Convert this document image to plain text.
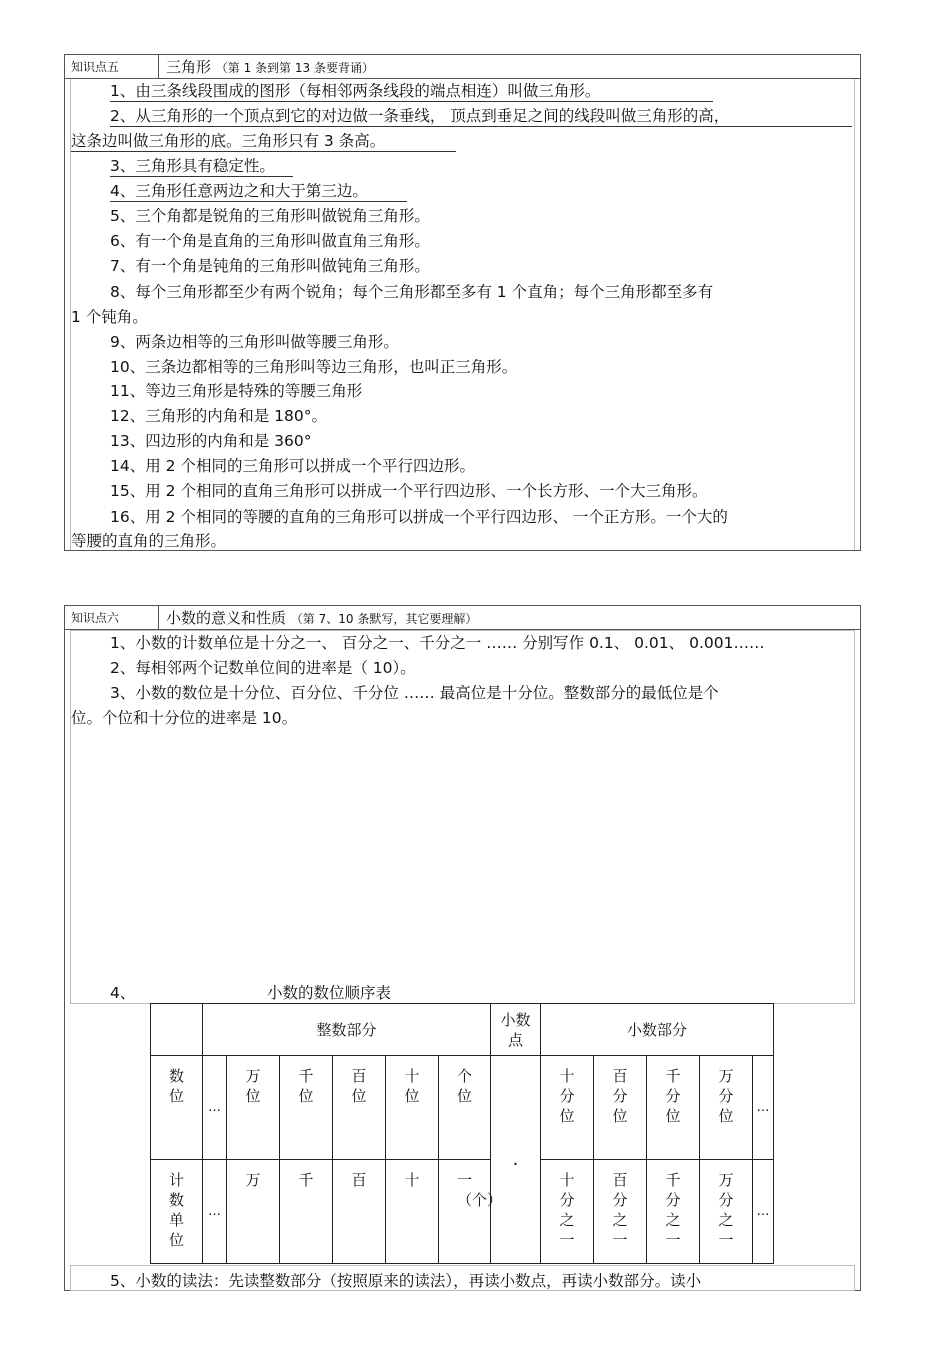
知识点五	三角形 （第 1 条到第 13 条要背诵）
1、由三条线段围成的图形（每相邻两条线段的端点相连）叫做三角形。
2、从三角形的一个顶点到它的对边做一条垂线， 顶点到垂足之间的线段叫做三角形的高，
这条边叫做三角形的底。三角形只有 3 条高。
3、三角形具有稳定性。
4、三角形任意两边之和大于第三边。
5、三个角都是锐角的三角形叫做锐角三角形。
6、有一个角是直角的三角形叫做直角三角形。
7、有一个角是钝角的三角形叫做钝角三角形。
8、每个三角形都至少有两个锐角；每个三角形都至多有 1 个直角；每个三角形都至多有
1 个钝角。
9、两条边相等的三角形叫做等腰三角形。
10、三条边都相等的三角形叫等边三角形，也叫正三角形。
11、等边三角形是特殊的等腰三角形
12、三角形的内角和是 180°。
13、四边形的内角和是 360°
14、用 2 个相同的三角形可以拼成一个平行四边形。
15、用 2 个相同的直角三角形可以拼成一个平行四边形、一个长方形、一个大三角形。
16、用 2 个相同的等腰的直角的三角形可以拼成一个平行四边形、 一个正方形。一个大的
等腰的直角的三角形。
知识点六	小数的意义和性质 （第 7、10 条默写，其它要理解）
1、小数的计数单位是十分之一、 百分之一、千分之一 …… 分别写作 0.1、 0.01、 0.001……
2、每相邻两个记数单位间的进率是（ 10）。
3、小数的数位是十分位、百分位、千分位 …… 最高位是十分位。整数部分的最低位是个
位。个位和十分位的进率是 10。
4、	小数的数位顺序表
	整数部分						小数点	小数部分				

数位	…	万位	千位	百位	十位	个位	.	十分位	百分位	千分位	万分位	…

计数单位	…	万	千	百	十	一（个）		十分之一	百分之一	千分之一	万分之一	…
5、小数的读法：先读整数部分（按照原来的读法），再读小数点，再读小数部分。读小
